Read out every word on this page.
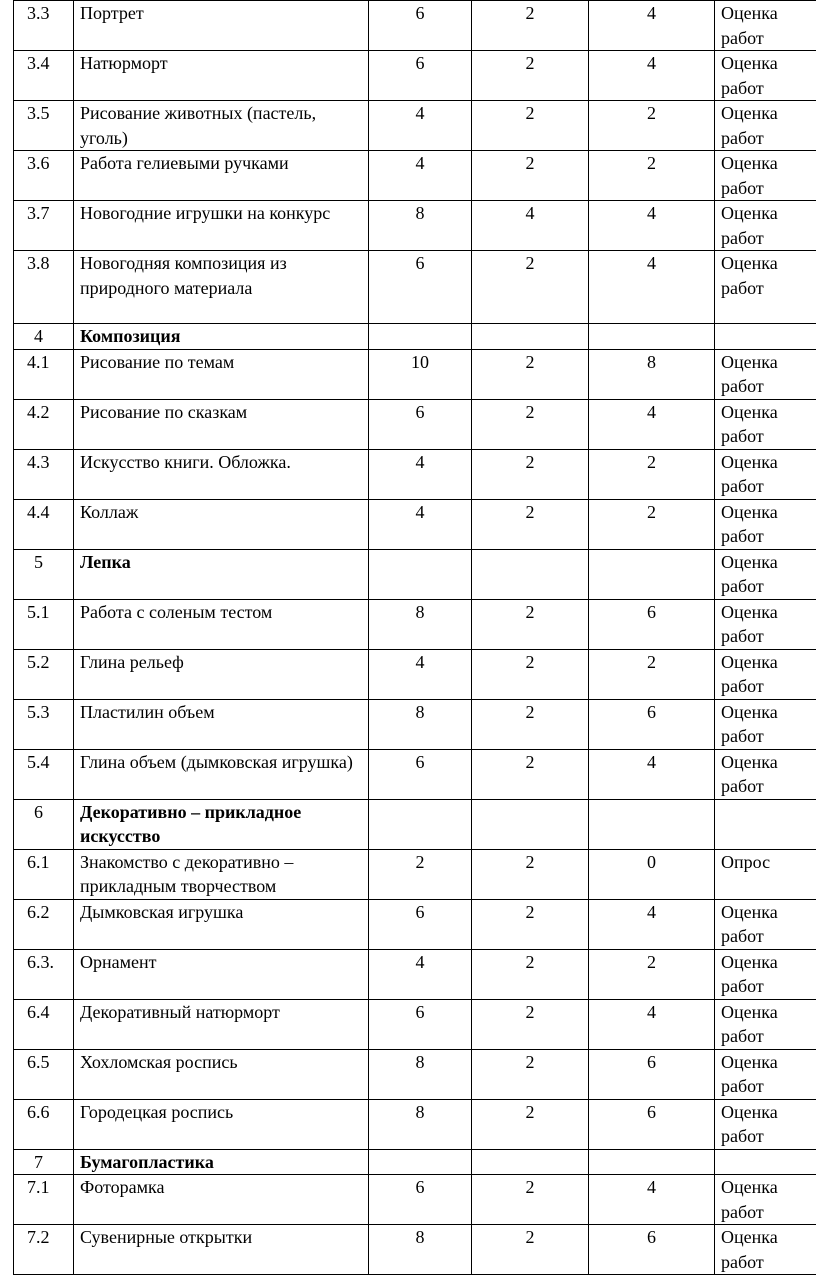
3.3	Портрет	6	2	4	Оценка работ
3.4	Натюрморт	6	2	4	Оценка работ
3.5	Рисование животных (пастель, уголь)	4	2	2	Оценка работ
3.6	Работа гелиевыми ручками	4	2	2	Оценка работ
3.7	Новогодние игрушки на конкурс	8	4	4	Оценка работ
3.8	Новогодняя композиция из природного материала	6	2	4	Оценка работ
4	Композиция				
4.1	Рисование по темам	10	2	8	Оценка работ
4.2	Рисование по сказкам	6	2	4	Оценка работ
4.3	Искусство книги. Обложка.	4	2	2	Оценка работ
4.4	Коллаж	4	2	2	Оценка работ
5	Лепка				Оценка работ
5.1	Работа с соленым тестом	8	2	6	Оценка работ
5.2	Глина рельеф	4	2	2	Оценка работ
5.3	Пластилин объем	8	2	6	Оценка работ
5.4	Глина объем (дымковская игрушка)	6	2	4	Оценка работ
6	Декоративно – прикладное искусство				
6.1	Знакомство с декоративно – прикладным творчеством	2	2	0	Опрос
6.2	Дымковская игрушка	6	2	4	Оценка работ
6.3.	Орнамент	4	2	2	Оценка работ
6.4	Декоративный натюрморт	6	2	4	Оценка работ
6.5	Хохломская роспись	8	2	6	Оценка работ
6.6	Городецкая роспись	8	2	6	Оценка работ
7	Бумагопластика				
7.1	Фоторамка	6	2	4	Оценка работ
7.2	Сувенирные открытки	8	2	6	Оценка работ
